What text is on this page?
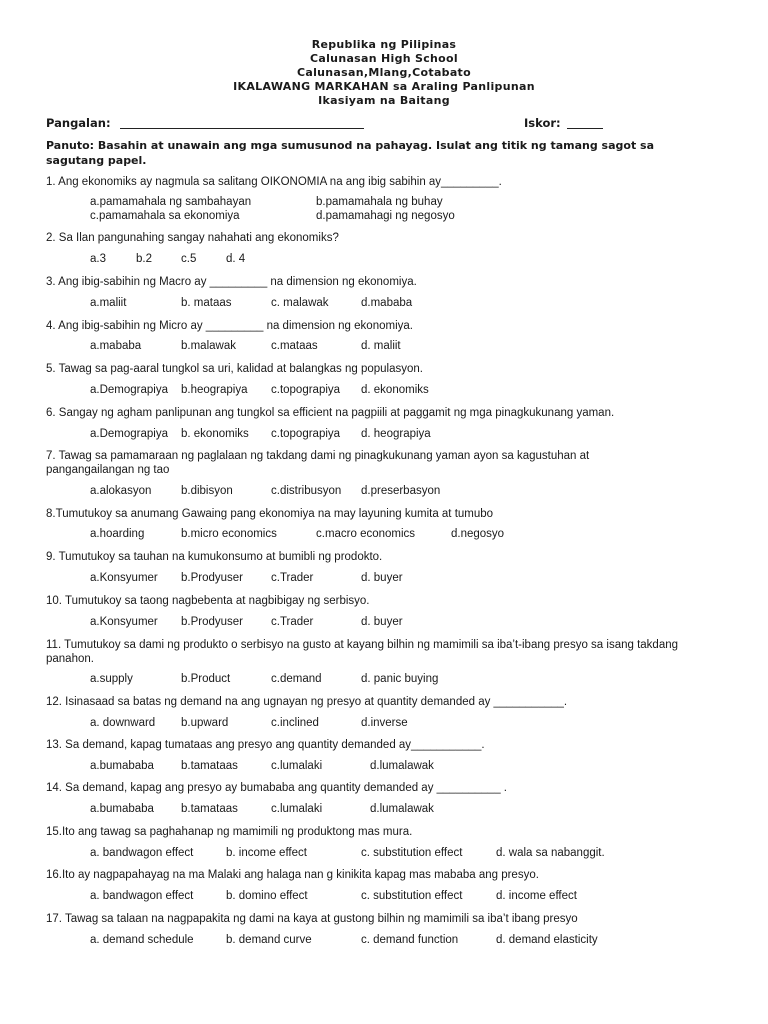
Republika ng Pilipinas
Calunasan High School
Calunasan,Mlang,Cotabato
IKALAWANG MARKAHAN sa Araling Panlipunan
Ikasiyam na Baitang
Pangalan:	Iskor:
Panuto: Basahin at unawain ang mga sumusunod na pahayag. Isulat ang titik ng tamang sagot sa sagutang papel.
1. Ang ekonomiks ay nagmula sa salitang OIKONOMIA na ang ibig sabihin ay_________.
a.pamamahala ng sambahayan	b.pamamahala ng buhay
c.pamamahala sa ekonomiya	d.pamamahagi ng negosyo
2. Sa Ilan pangunahing sangay nahahati ang ekonomiks?
a.3	b.2	c.5	d. 4
3. Ang ibig-sabihin ng Macro ay _________ na dimension ng ekonomiya.
a.maliit	b. mataas	c. malawak	d.mababa
4. Ang ibig-sabihin ng Micro ay _________ na dimension ng ekonomiya.
a.mababa	b.malawak	c.mataas	d. maliit
5. Tawag sa pag-aaral tungkol sa uri, kalidad at balangkas ng populasyon.
a.Demograpiya b.heograpiya c.topograpiya d. ekonomiks
6. Sangay ng agham panlipunan ang tungkol sa efficient na pagpiili at paggamit ng mga pinagkukunang yaman.
a.Demograpiya b. ekonomiks c.topograpiya d. heograpiya
7. Tawag sa pamamaraan ng paglalaan ng takdang dami ng pinagkukunang yaman ayon sa kagustuhan at pangangailangan ng tao
a.alokasyon	b.dibisyon	c.distribusyon d.preserbasyon
8.Tumutukoy sa anumang Gawaing pang ekonomiya na may layuning kumita at tumubo
a.hoarding	b.micro economics	c.macro economics	d.negosyo
9. Tumutukoy sa tauhan na kumukonsumo at bumibli ng prodokto.
a.Konsyumer b.Prodyuser c.Trader	d. buyer
10. Tumutukoy sa taong nagbebenta at nagbibigay ng serbisyo.
a.Konsyumer b.Prodyuser c.Trader	d. buyer
11. Tumutukoy sa dami ng produkto o serbisyo na gusto at kayang bilhin ng mamimili sa iba’t-ibang presyo sa isang takdang panahon.
a.supply	b.Product	c.demand	d. panic buying
12. Isinasaad sa batas ng demand na ang ugnayan ng presyo at quantity demanded ay ___________.
a. downward b.upward	c.inclined	d.inverse
13. Sa demand, kapag tumataas ang presyo ang quantity demanded ay___________.
a.bumababa b.tamataas	c.lumalaki	d.lumalawak
14. Sa demand, kapag ang presyo ay bumababa ang quantity demanded ay __________ .
a.bumababa b.tamataas	c.lumalaki	d.lumalawak
15.Ito ang tawag sa paghahanap ng mamimili ng produktong mas mura.
a. bandwagon effect	b. income effect	c. substitution effect	d. wala sa nabanggit.
16.Ito ay nagpapahayag na ma Malaki ang halaga nan g kinikita kapag mas mababa ang presyo.
a. bandwagon effect	b. domino effect	c. substitution effect	d. income effect
17. Tawag sa talaan na nagpapakita ng dami na kaya at gustong bilhin ng mamimili sa iba’t ibang presyo
a. demand schedule	b. demand curve	c. demand function	d. demand elasticity
